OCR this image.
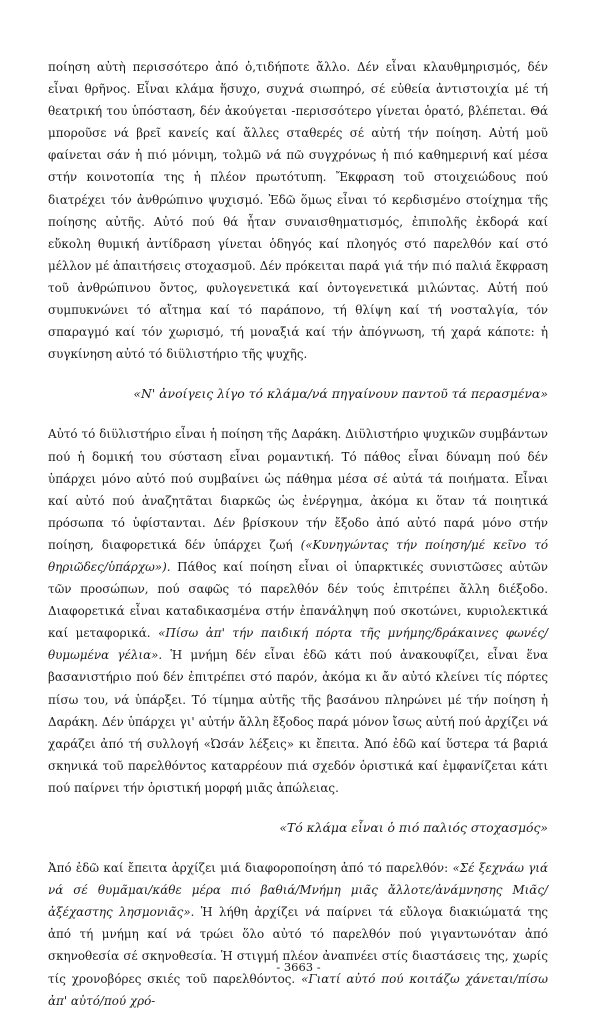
ποίηση αὐτὴ περισσότερο ἀπό ὁ,τιδήποτε ἄλλο. Δέν εἶναι κλαυθμηρισμός, δέν εἶναι θρῆνος. Εἶναι κλάμα ἥσυχο, συχνά σιωπηρό, σέ εὐθεία ἀντιστοιχία μέ τή θεατρική του ὑπόσταση, δέν ἀκούγεται -περισσότερο γίνεται ὁρατό, βλέπεται. Θά μποροῦσε νά βρεῖ κανείς καί ἄλλες σταθερές σέ αὐτή τήν ποίηση. Αὐτή μοῦ φαίνεται σάν ἡ πιό μόνιμη, τολμῶ νά πῶ συγχρόνως ἡ πιό καθημερινή καί μέσα στήν κοινοτοπία της ἡ πλέον πρωτότυπη. Ἔκφραση τοῦ στοιχειώδους πού διατρέχει τόν ἀνθρώπινο ψυχισμό. Ἐδῶ ὅμως εἶναι τό κερδισμένο στοίχημα τῆς ποίησης αὐτῆς. Αὐτό πού θά ἦταν συναισθηματισμός, ἐπιπολῆς ἐκδορά καί εὔκολη θυμική ἀντίδραση γίνεται ὁδηγός καί πλοηγός στό παρελθόν καί στό μέλλον μέ ἀπαιτήσεις στοχασμοῦ. Δέν πρόκειται παρά γιά τήν πιό παλιά ἔκφραση τοῦ ἀνθρώπινου ὄντος, φυλογενετικά καί ὀντογενετικά μιλώντας. Αὐτή πού συμπυκνώνει τό αἴτημα καί τό παράπονο, τή θλίψη καί τή νοσταλγία, τόν σπαραγμό καί τόν χωρισμό, τή μοναξιά καί τήν ἀπόγνωση, τή χαρά κάποτε: ἡ συγκίνηση αὐτό τό διϋλιστήριο τῆς ψυχῆς.

«Ν' ἀνοίγεις λίγο τό κλάμα/νά πηγαίνουν παντοῦ τά περασμένα»

Αὐτό τό διϋλιστήριο εἶναι ἡ ποίηση τῆς Δαράκη. Διϋλιστήριο ψυχικῶν συμβάντων πού ἡ δομική του σύσταση εἶναι ρομαντική. Τό πάθος εἶναι δύναμη πού δέν ὑπάρχει μόνο αὐτό πού συμβαίνει ὡς πάθημα μέσα σέ αὐτά τά ποιήματα. Εἶναι καί αὐτό πού ἀναζητᾶται διαρκῶς ὡς ἐνέργημα, ἀκόμα κι ὅταν τά ποιητικά πρόσωπα τό ὑφίστανται. Δέν βρίσκουν τήν ἔξοδο ἀπό αὐτό παρά μόνο στήν ποίηση, διαφορετικά δέν ὑπάρχει ζωή («Κυνηγώντας τήν ποίηση/μέ κεῖνο τό θηριῶδες/ὑπάρχω»). Πάθος καί ποίηση εἶναι οἱ ὑπαρκτικές συνιστῶσες αὐτῶν τῶν προσώπων, πού σαφῶς τό παρελθόν δέν τούς ἐπιτρέπει ἄλλη διέξοδο. Διαφορετικά εἶναι καταδικασμένα στήν ἐπανάληψη πού σκοτώνει, κυριολεκτικά καί μεταφορικά. «Πίσω ἀπ' τήν παιδική πόρτα τῆς μνήμης/δράκαινες φωνές/θυμωμένα γέλια». Ἡ μνήμη δέν εἶναι ἐδῶ κάτι πού ἀνακουφίζει, εἶναι ἕνα βασανιστήριο πού δέν ἐπιτρέπει στό παρόν, ἀκόμα κι ἄν αὐτό κλείνει τίς πόρτες πίσω του, νά ὑπάρξει. Τό τίμημα αὐτῆς τῆς βασάνου πληρώνει μέ τήν ποίηση ἡ Δαράκη. Δέν ὑπάρχει γι' αὐτήν ἄλλη ἔξοδος παρά μόνον ἴσως αὐτή πού ἀρχίζει νά χαράζει ἀπό τή συλλογή «Ὠσάν λέξεις» κι ἔπειτα. Ἀπό ἐδῶ καί ὕστερα τά βαριά σκηνικά τοῦ παρελθόντος καταρρέουν πιά σχεδόν ὁριστικά καί ἐμφανίζεται κάτι πού παίρνει τήν ὁριστική μορφή μιᾶς ἀπώλειας.

«Τό κλάμα εἶναι ὁ πιό παλιός στοχασμός»

Ἀπό ἐδῶ καί ἔπειτα ἀρχίζει μιά διαφοροποίηση ἀπό τό παρελθόν: «Σέ ξεχνάω γιά νά σέ θυμᾶμαι/κάθε μέρα πιό βαθιά/Μνήμη μιᾶς ἄλλοτε/ἀνάμνησης Μιᾶς/ἀξέχαστης λησμονιᾶς». Ἡ λήθη ἀρχίζει νά παίρνει τά εὔλογα διακιώματά της ἀπό τή μνήμη καί νά τρώει ὅλο αὐτό τό παρελθόν πού γιγαντωνόταν ἀπό σκηνοθεσία σέ σκηνοθεσία. Ἡ στιγμή πλέον ἀναπνέει στίς διαστάσεις της, χωρίς τίς χρονοβόρες σκιές τοῦ παρελθόντος. «Γιατί αὐτό πού κοιτάζω χάνεται/πίσω ἀπ' αὐτό/πού χρό-

- 3663 -
